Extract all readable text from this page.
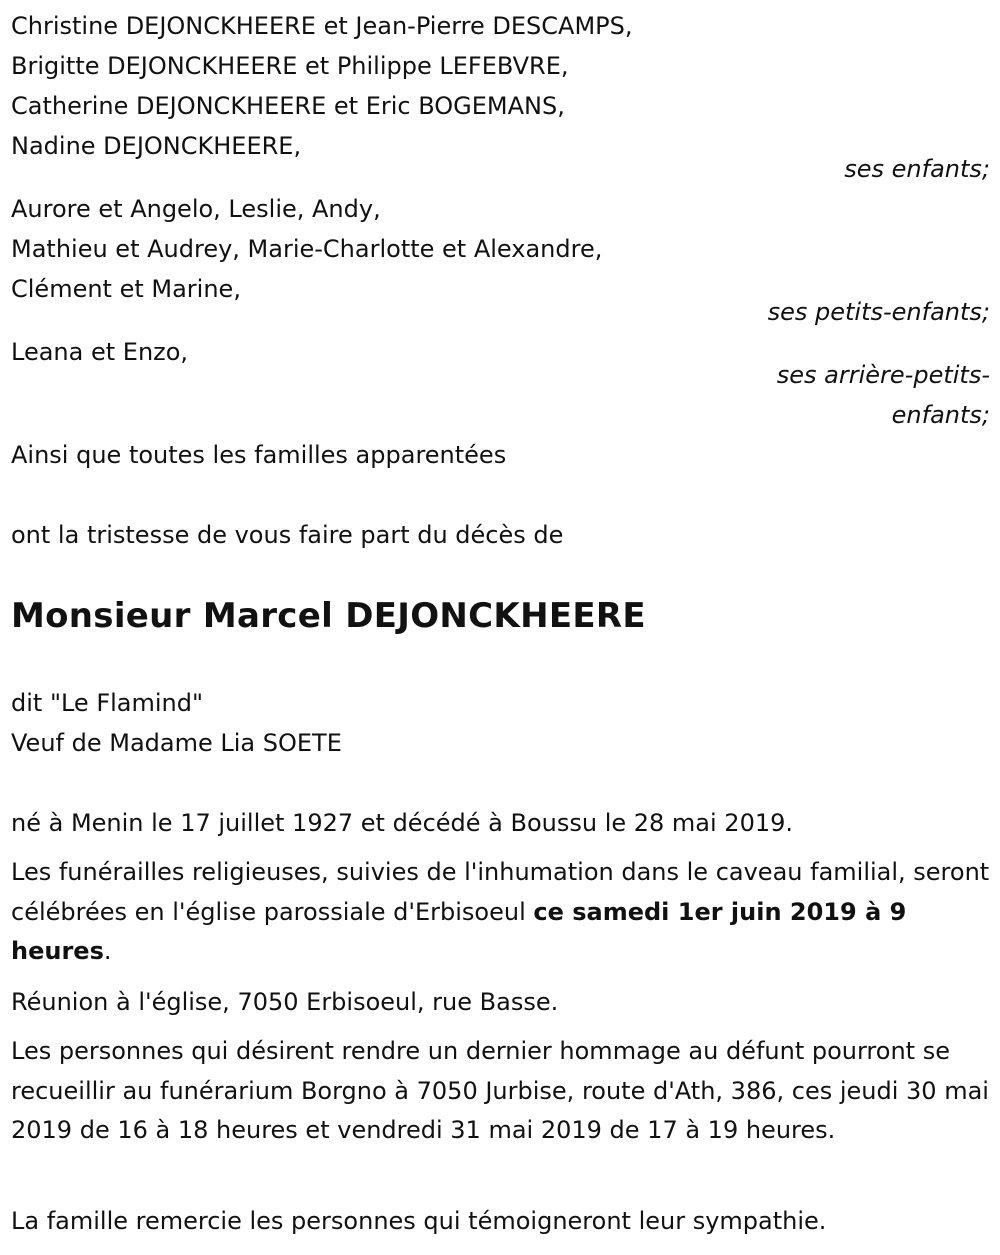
Christine DEJONCKHEERE et Jean-Pierre DESCAMPS,
Brigitte DEJONCKHEERE et Philippe LEFEBVRE,
Catherine DEJONCKHEERE et Eric BOGEMANS,
Nadine DEJONCKHEERE,
ses enfants;
Aurore et Angelo, Leslie, Andy,
Mathieu et Audrey, Marie-Charlotte et Alexandre,
Clément et Marine,
ses petits-enfants;
Leana et Enzo,
ses arrière-petits-
enfants;
Ainsi que toutes les familles apparentées
ont la tristesse de vous faire part du décès de
Monsieur Marcel DEJONCKHEERE
dit "Le Flamind"
Veuf de Madame Lia SOETE
né à Menin le 17 juillet 1927 et décédé à Boussu le 28 mai 2019.
Les funérailles religieuses, suivies de l'inhumation dans le caveau familial, seront célébrées en l'église parossiale d'Erbisoeul ce samedi 1er juin 2019 à 9 heures.
Réunion à l'église, 7050 Erbisoeul, rue Basse.
Les personnes qui désirent rendre un dernier hommage au défunt pourront se recueillir au funérarium Borgno à 7050 Jurbise, route d'Ath, 386, ces jeudi 30 mai 2019 de 16 à 18 heures et vendredi 31 mai 2019 de 17 à 19 heures.
La famille remercie les personnes qui témoigneront leur sympathie.
